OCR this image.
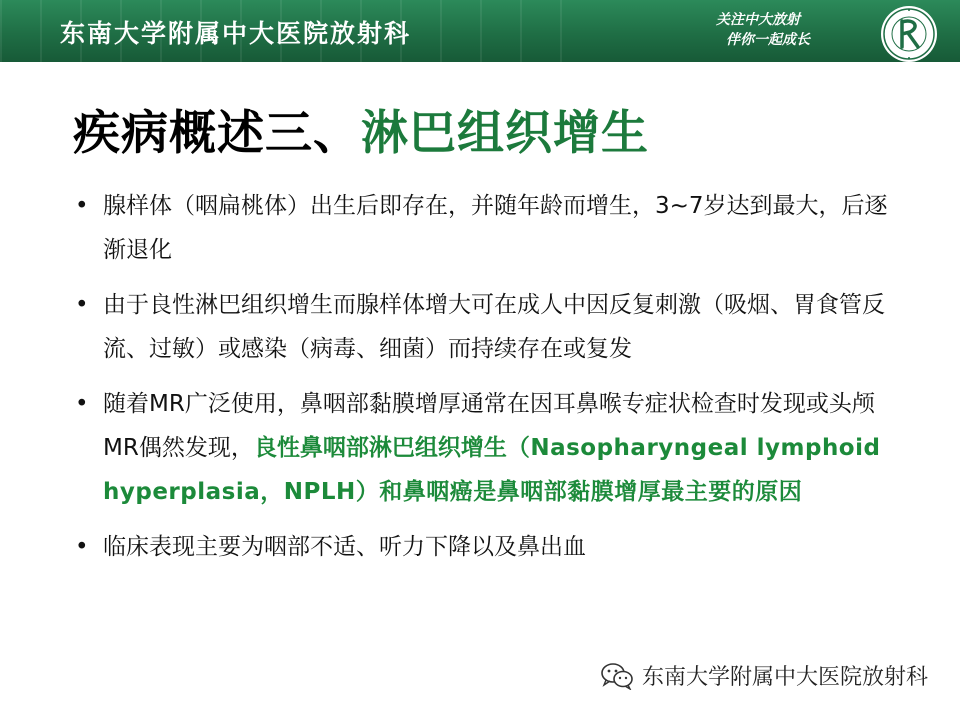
东南大学附属中大医院放射科	关注中大放射
伴你一起成长
疾病概述三、淋巴组织增生
• 腺样体（咽扁桃体）出生后即存在，并随年龄而增生，3~7岁达到最大，后逐渐退化
• 由于良性淋巴组织增生而腺样体增大可在成人中因反复刺激（吸烟、胃食管反流、过敏）或感染（病毒、细菌）而持续存在或复发
• 随着MR广泛使用，鼻咽部黏膜增厚通常在因耳鼻喉专症状检查时发现或头颅MR偶然发现，良性鼻咽部淋巴组织增生（Nasopharyngeal lymphoid hyperplasia，NPLH）和鼻咽癌是鼻咽部黏膜增厚最主要的原因
• 临床表现主要为咽部不适、听力下降以及鼻出血
东南大学附属中大医院放射科
